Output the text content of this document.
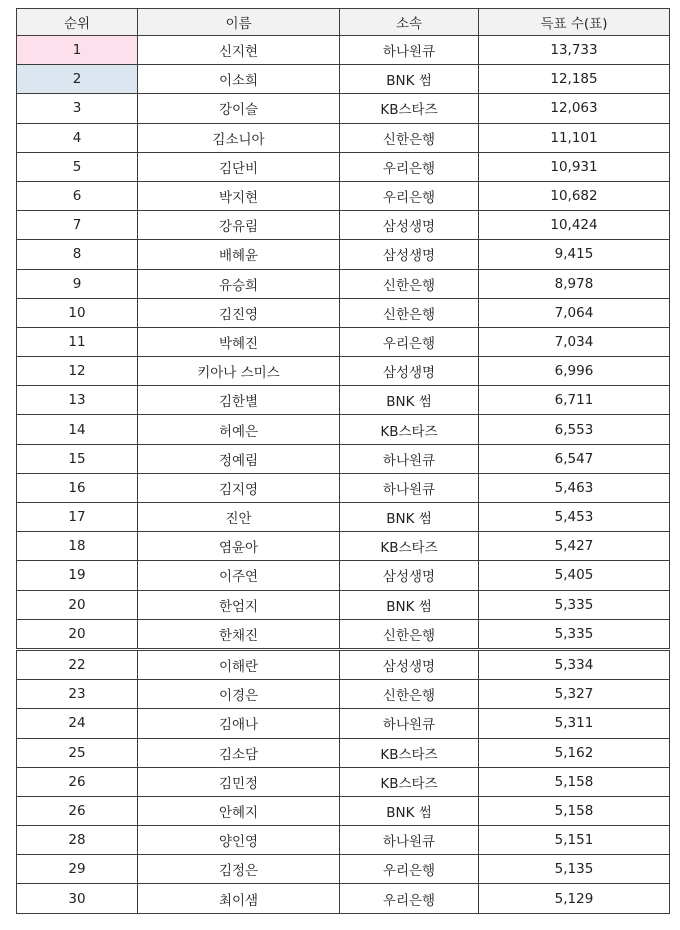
순위	이름	소속	득표 수(표)
1	신지현	하나원큐	13,733
2	이소희	BNK 썸	12,185
3	강이슬	KB스타즈	12,063
4	김소니아	신한은행	11,101
5	김단비	우리은행	10,931
6	박지현	우리은행	10,682
7	강유림	삼성생명	10,424
8	배혜윤	삼성생명	9,415
9	유승희	신한은행	8,978
10	김진영	신한은행	7,064
11	박혜진	우리은행	7,034
12	키아나 스미스	삼성생명	6,996
13	김한별	BNK 썸	6,711
14	허예은	KB스타즈	6,553
15	정예림	하나원큐	6,547
16	김지영	하나원큐	5,463
17	진안	BNK 썸	5,453
18	염윤아	KB스타즈	5,427
19	이주연	삼성생명	5,405
20	한엄지	BNK 썸	5,335
20	한채진	신한은행	5,335
22	이해란	삼성생명	5,334
23	이경은	신한은행	5,327
24	김애나	하나원큐	5,311
25	김소담	KB스타즈	5,162
26	김민정	KB스타즈	5,158
26	안혜지	BNK 썸	5,158
28	양인영	하나원큐	5,151
29	김정은	우리은행	5,135
30	최이샘	우리은행	5,129
